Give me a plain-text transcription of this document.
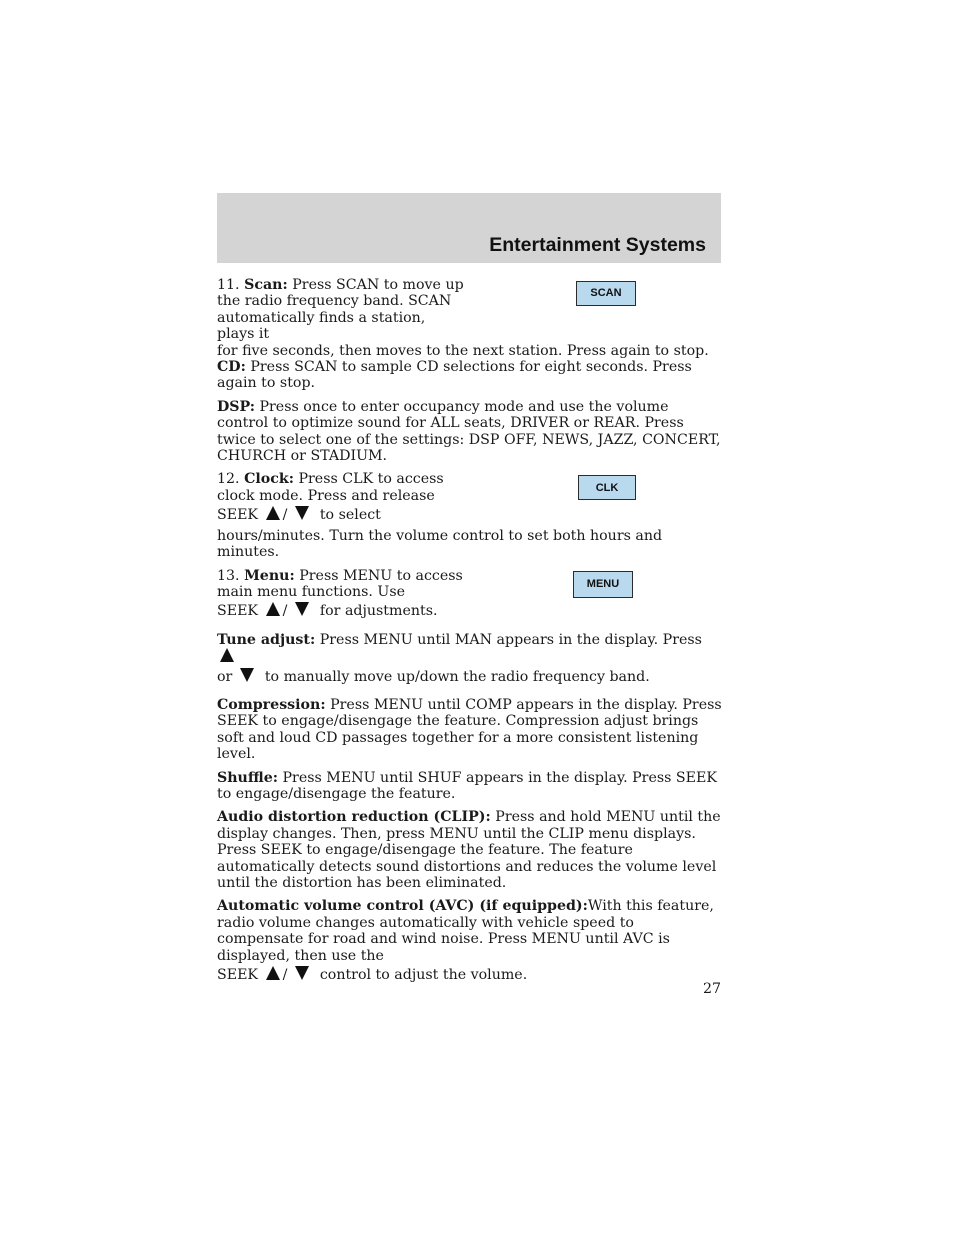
Entertainment Systems
SCAN

11. Scan: Press SCAN to move up the radio frequency band. SCAN automatically finds a station, plays it

for five seconds, then moves to the next station. Press again to stop.

CD: Press SCAN to sample CD selections for eight seconds. Press again to stop.

DSP: Press once to enter occupancy mode and use the volume control to optimize sound for ALL seats, DRIVER or REAR. Press twice to select one of the settings: DSP OFF, NEWS, JAZZ, CONCERT, CHURCH or STADIUM.

CLK

12. Clock: Press CLK to access clock mode. Press and release

SEEK / to select

hours/minutes. Turn the volume control to set both hours and minutes.

MENU

13. Menu: Press MENU to access main menu functions. Use

SEEK / for adjustments.

Tune adjust: Press MENU until MAN appears in the display. Press

or to manually move up/down the radio frequency band.

Compression: Press MENU until COMP appears in the display. Press SEEK to engage/disengage the feature. Compression adjust brings soft and loud CD passages together for a more consistent listening level.

Shuffle: Press MENU until SHUF appears in the display. Press SEEK to engage/disengage the feature.

Audio distortion reduction (CLIP): Press and hold MENU until the display changes. Then, press MENU until the CLIP menu displays. Press SEEK to engage/disengage the feature. The feature automatically detects sound distortions and reduces the volume level until the distortion has been eliminated.

Automatic volume control (AVC) (if equipped):With this feature, radio volume changes automatically with vehicle speed to compensate for road and wind noise. Press MENU until AVC is displayed, then use the

SEEK / control to adjust the volume.

27
